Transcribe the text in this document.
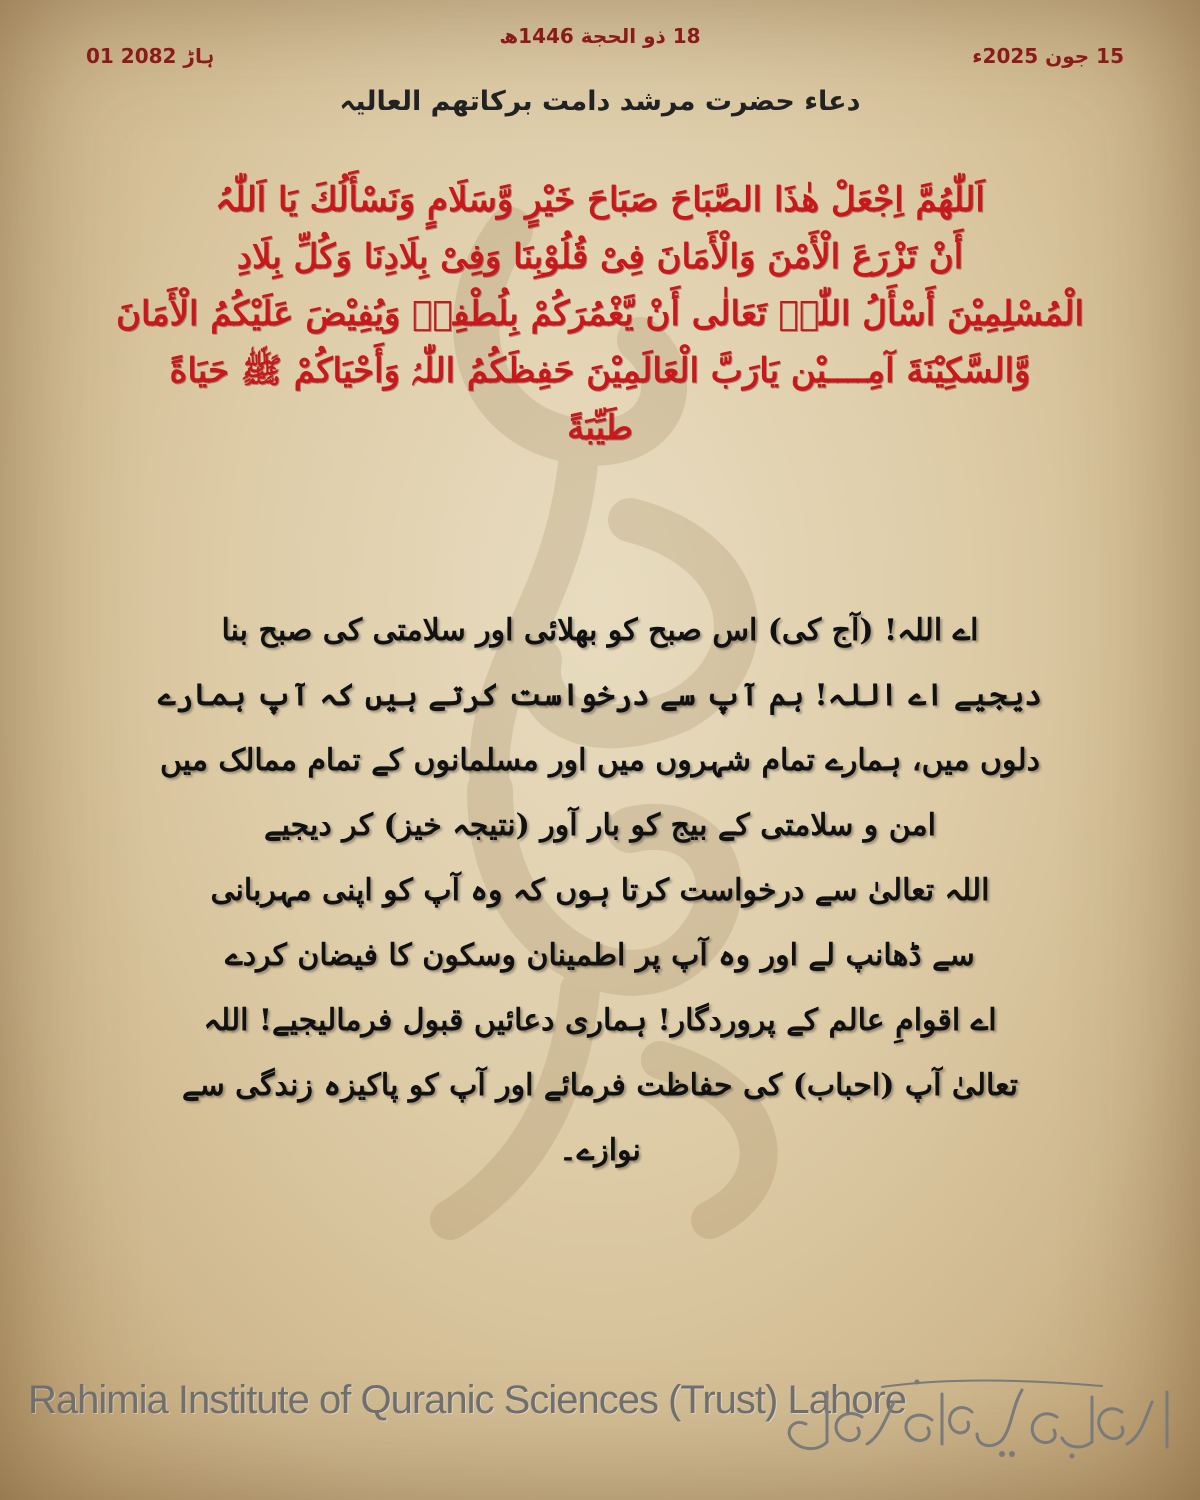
18 ذو الحجة 1446ھ
01 ہاڑ 2082	15 جون 2025ء
دعاء حضرت مرشد دامت برکاتھم العالیہ
اَللّٰھُمَّ اِجْعَلْ ھٰذَا الصَّبَاحَ صَبَاحَ خَيْرٍ وَّسَلَامٍ وَنَسْأَلُكَ يَا اَللّٰہُ
أَنْ تَزْرَعَ الْأَمْنَ وَالْأَمَانَ فِیْ قُلُوْبِنَا وَفِیْ بِلَادِنَا وَكُلِّ بِلَادِ
الْمُسْلِمِيْنَ أَسْأَلُ اللّٰہَ تَعَالٰی أَنْ يَّغْمُرَكُمْ بِلُطْفِهٖ وَيُفِيْضَ عَلَيْكُمُ الْأَمَانَ
وَّالسَّكِيْنَةَ آمِــــيْن يَارَبَّ الْعَالَمِيْنَ حَفِظَكُمُ اللّٰہُ وَأَحْيَاكُمْ ﷺ حَيَاةً
طَيِّبَةً
اے اللہ! (آج کی) اس صبح کو بھلائی اور سلامتی کی صبح بنا
دیجیے اے اللہ! ہم آپ سے درخواست کرتے ہیں کہ آپ ہمارے
دلوں میں، ہمارے تمام شہروں میں اور مسلمانوں کے تمام ممالک میں
امن و سلامتی کے بیج کو بار آور (نتیجہ خیز) کر دیجیے
اللہ تعالیٰ سے درخواست کرتا ہوں کہ وہ آپ کو اپنی مہربانی
سے ڈھانپ لے اور وہ آپ پر اطمینان وسکون کا فیضان کردے
اے اقوامِ عالم کے پروردگار! ہماری دعائیں قبول فرمالیجیے! اللہ
تعالیٰ آپ (احباب) کی حفاظت فرمائے اور آپ کو پاکیزہ زندگی سے
نوازے۔
Rahimia Institute of Quranic Sciences (Trust) Lahore
